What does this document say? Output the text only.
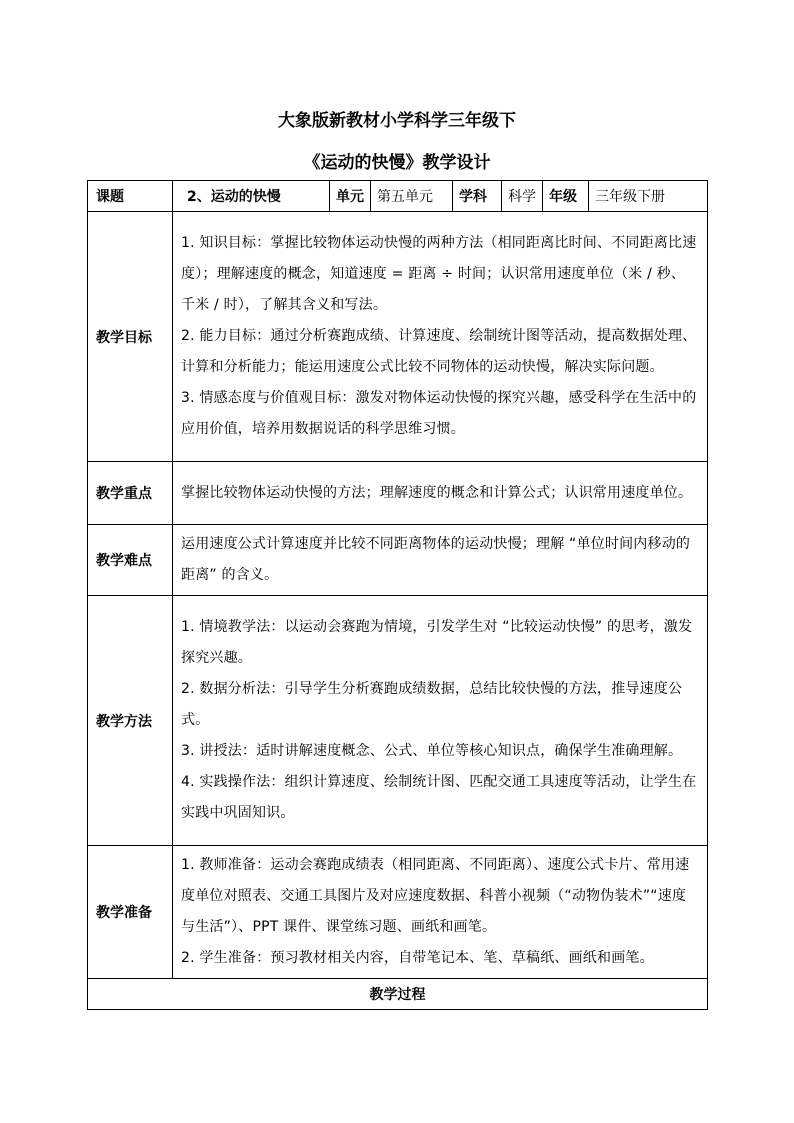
大象版新教材小学科学三年级下
《运动的快慢》教学设计
课题	2、运动的快慢	单元	第五单元	学科	科学	年级	三年级下册
教学目标	1. 知识目标：掌握比较物体运动快慢的两种方法（相同距离比时间、不同距离比速度）；理解速度的概念，知道速度 = 距离 ÷ 时间；认识常用速度单位（米 / 秒、千米 / 时），了解其含义和写法。

2. 能力目标：通过分析赛跑成绩、计算速度、绘制统计图等活动，提高数据处理、计算和分析能力；能运用速度公式比较不同物体的运动快慢，解决实际问题。

3. 情感态度与价值观目标：激发对物体运动快慢的探究兴趣，感受科学在生活中的应用价值，培养用数据说话的科学思维习惯。						

教学重点	掌握比较物体运动快慢的方法；理解速度的概念和计算公式；认识常用速度单位。						
教学难点	运用速度公式计算速度并比较不同距离物体的运动快慢；理解 “单位时间内移动的距离” 的含义。						
教学方法	1. 情境教学法：以运动会赛跑为情境，引发学生对 “比较运动快慢” 的思考，激发探究兴趣。

2. 数据分析法：引导学生分析赛跑成绩数据，总结比较快慢的方法，推导速度公式。

3. 讲授法：适时讲解速度概念、公式、单位等核心知识点，确保学生准确理解。

4. 实践操作法：组织计算速度、绘制统计图、匹配交通工具速度等活动，让学生在实践中巩固知识。						

教学准备	1. 教师准备：运动会赛跑成绩表（相同距离、不同距离）、速度公式卡片、常用速度单位对照表、交通工具图片及对应速度数据、科普小视频（“动物伪装术”“速度与生活”）、PPT 课件、课堂练习题、画纸和画笔。

2. 学生准备：预习教材相关内容，自带笔记本、笔、草稿纸、画纸和画笔。						

教学过程							
